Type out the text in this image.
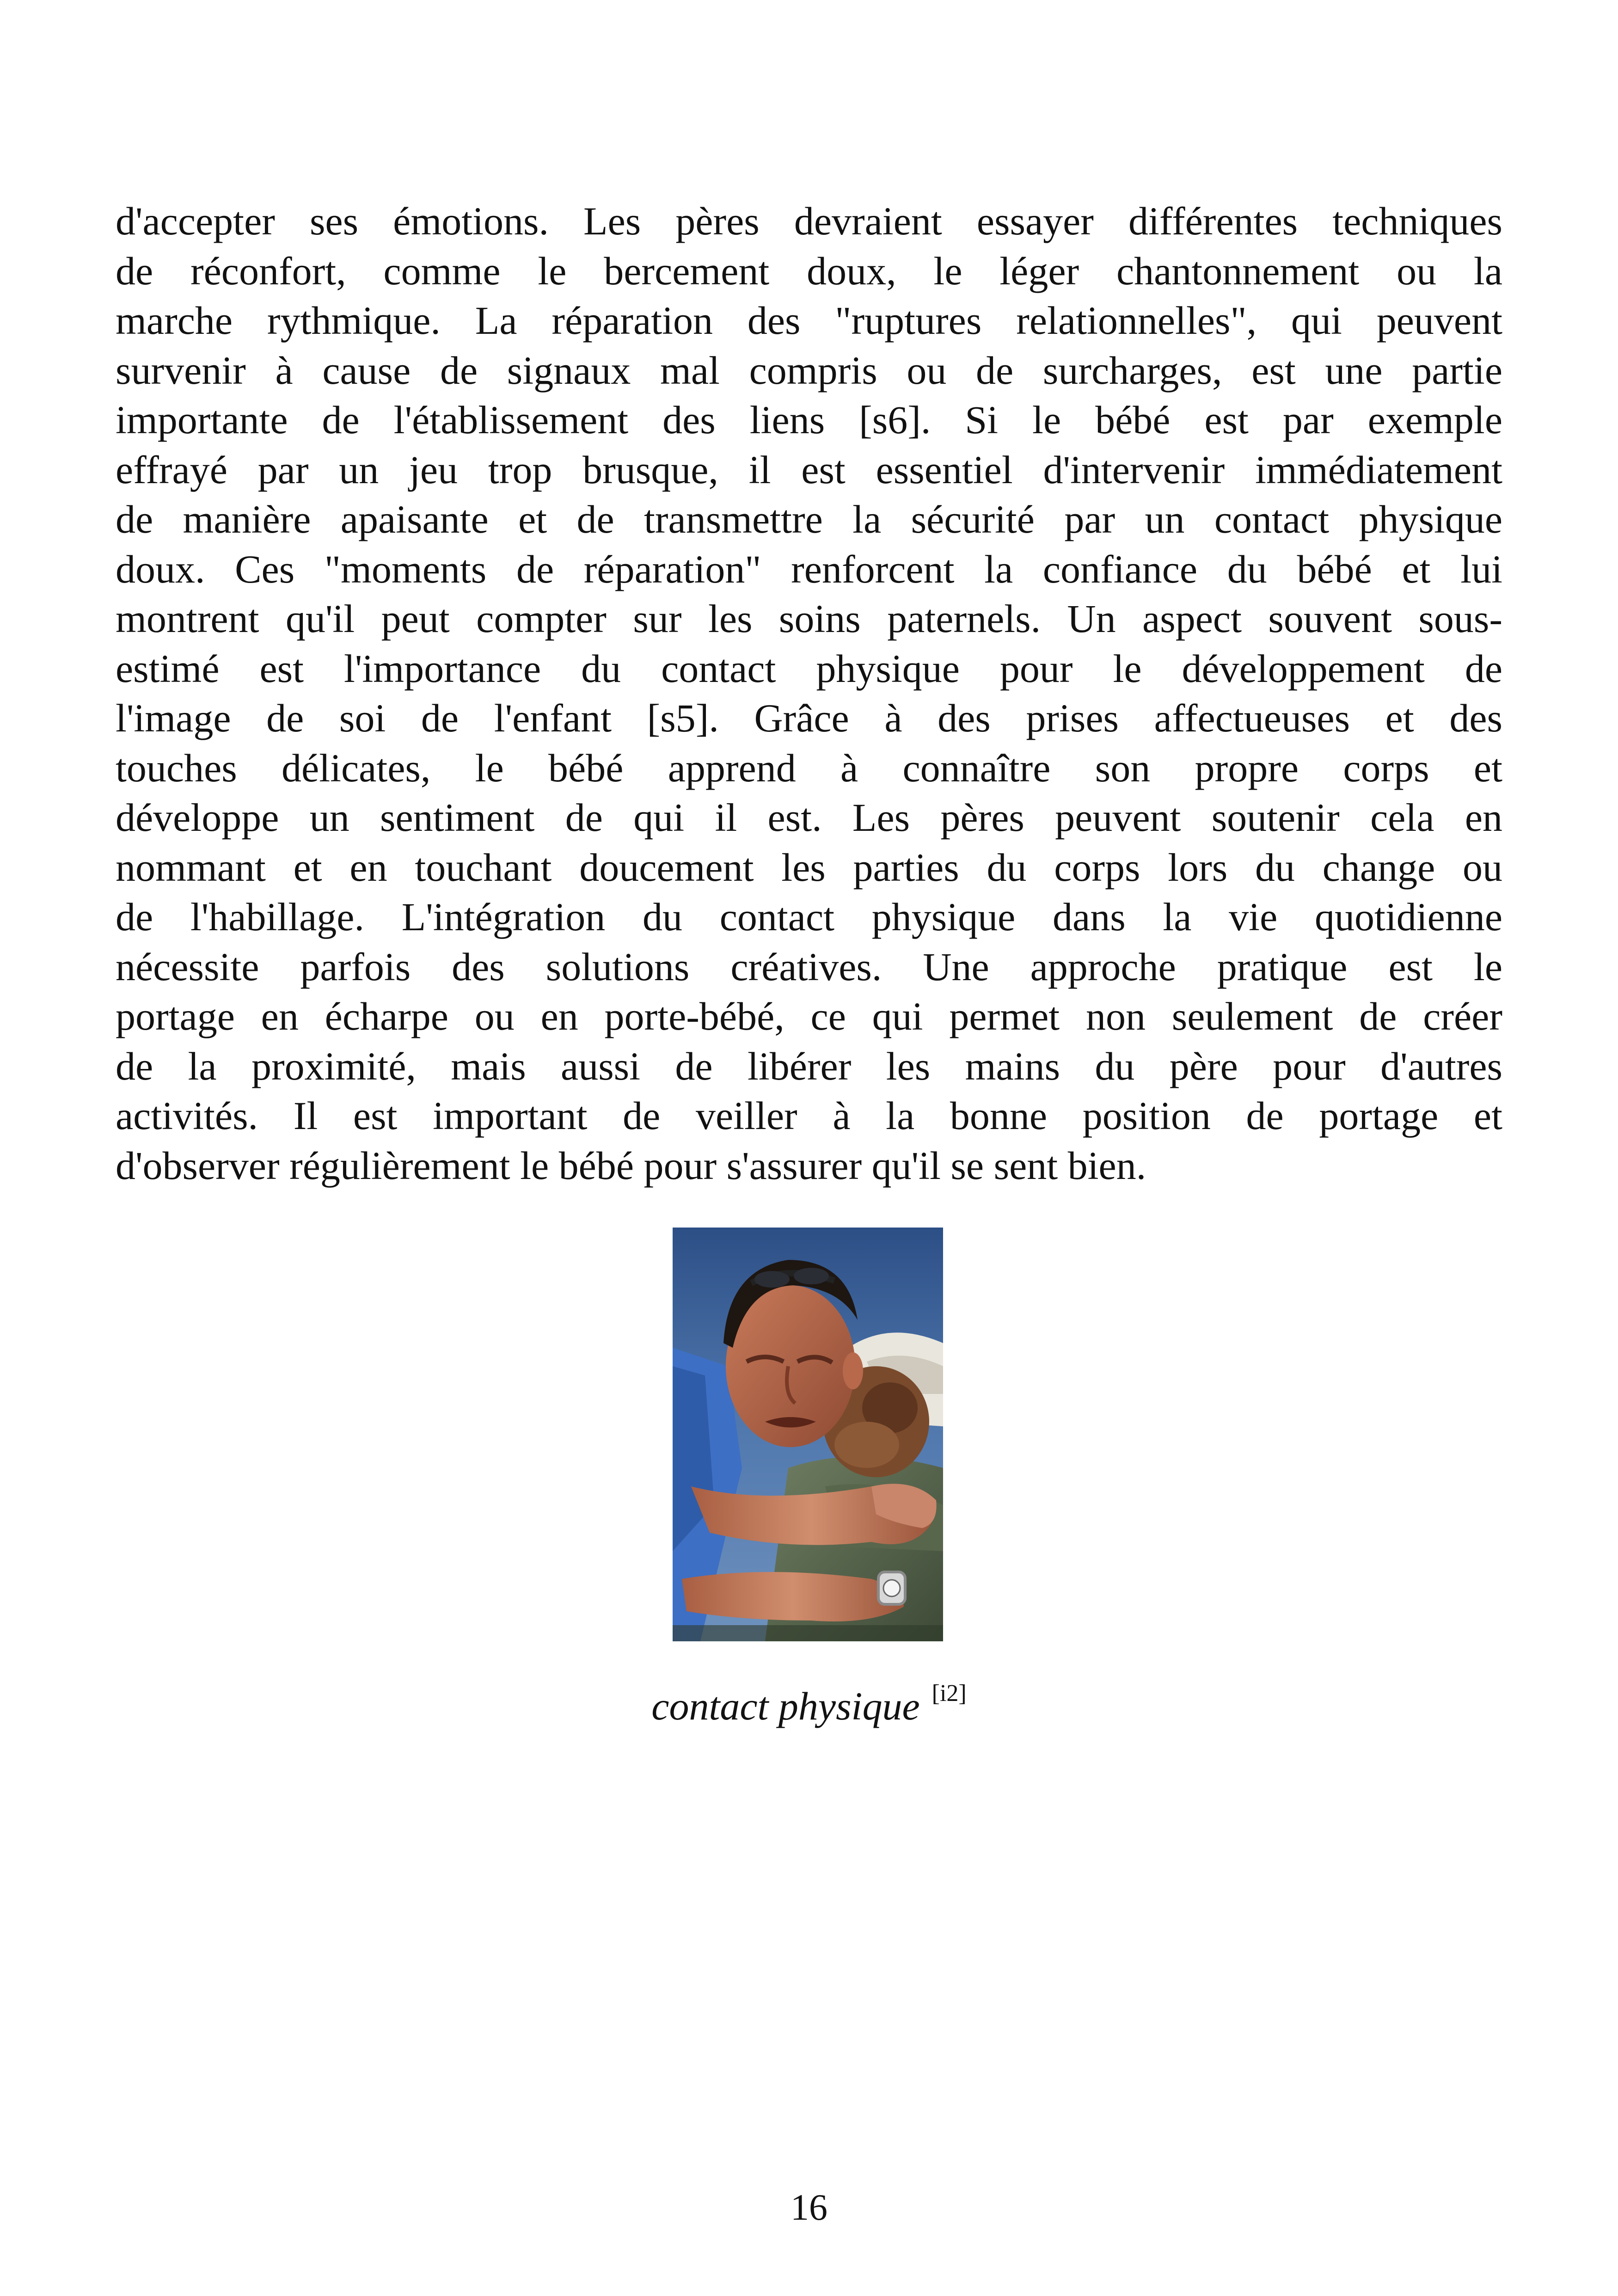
d'accepter ses émotions. Les pères devraient essayer différentes techniques
de réconfort, comme le bercement doux, le léger chantonnement ou la
marche rythmique. La réparation des "ruptures relationnelles", qui peuvent
survenir à cause de signaux mal compris ou de surcharges, est une partie
importante de l'établissement des liens [s6]. Si le bébé est par exemple
effrayé par un jeu trop brusque, il est essentiel d'intervenir immédiatement
de manière apaisante et de transmettre la sécurité par un contact physique
doux. Ces "moments de réparation" renforcent la confiance du bébé et lui
montrent qu'il peut compter sur les soins paternels. Un aspect souvent sous-
estimé est l'importance du contact physique pour le développement de
l'image de soi de l'enfant [s5]. Grâce à des prises affectueuses et des
touches délicates, le bébé apprend à connaître son propre corps et
développe un sentiment de qui il est. Les pères peuvent soutenir cela en
nommant et en touchant doucement les parties du corps lors du change ou
de l'habillage. L'intégration du contact physique dans la vie quotidienne
nécessite parfois des solutions créatives. Une approche pratique est le
portage en écharpe ou en porte-bébé, ce qui permet non seulement de créer
de la proximité, mais aussi de libérer les mains du père pour d'autres
activités. Il est important de veiller à la bonne position de portage et
d'observer régulièrement le bébé pour s'assurer qu'il se sent bien.
contact physique [i2]
16
